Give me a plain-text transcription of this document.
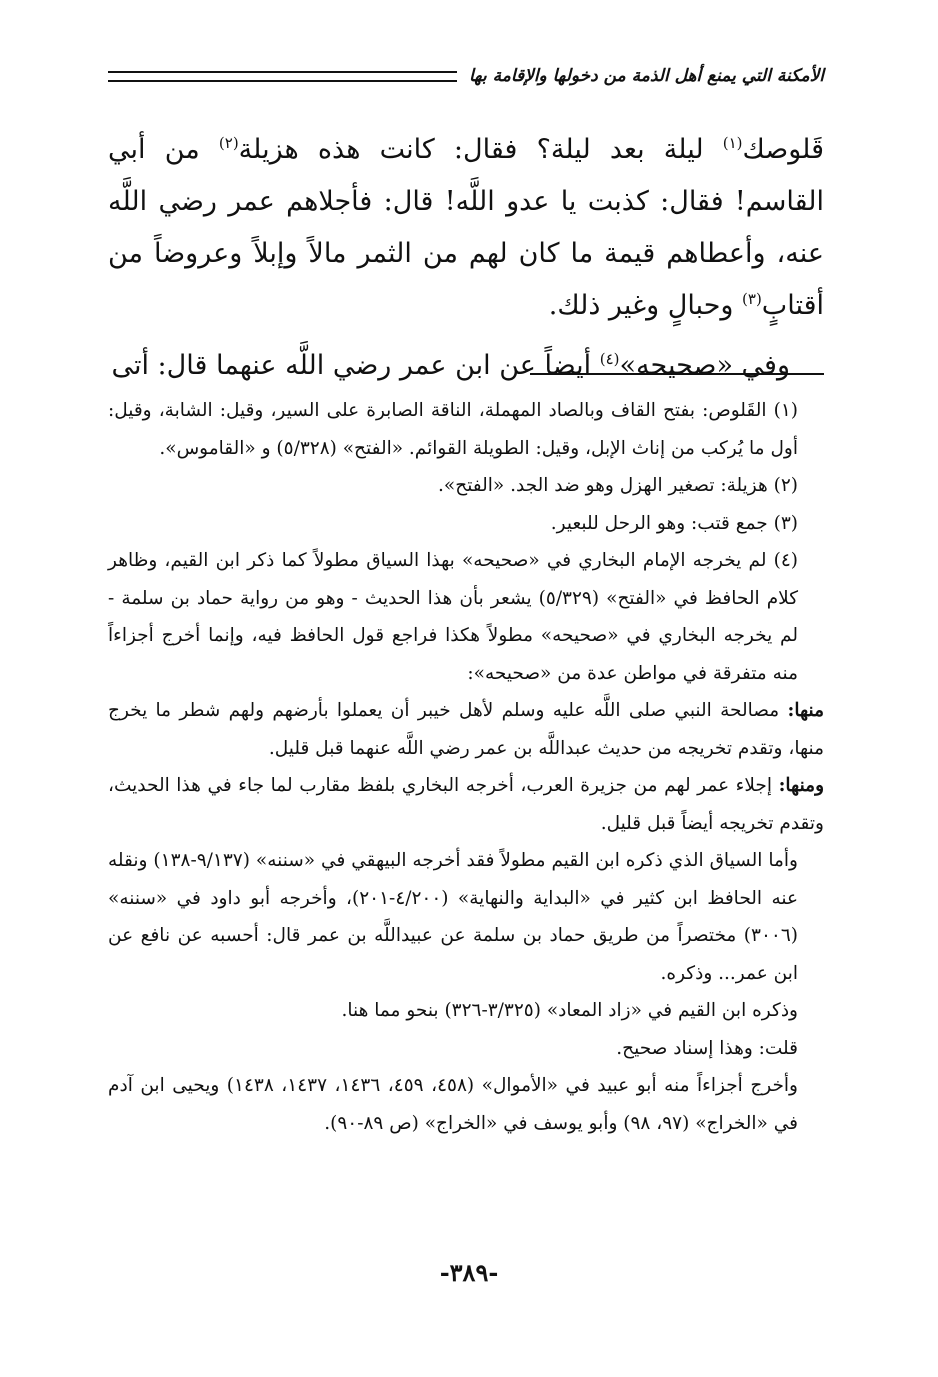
الأمكنة التي يمنع أهل الذمة من دخولها والإقامة بها

قَلوصك$^{(١)}$ ليلة بعد ليلة؟ فقال: كانت هذه هزيلة$^{(٢)}$ من أبي القاسم! فقال: كذبت يا عدو اللَّه! قال: فأجلاهم عمر رضي اللَّه عنه، وأعطاهم قيمة ما كان لهم من الثمر مالاً وإبلاً وعروضاً من أقتابٍ$^{(٣)}$ وحبالٍ وغير ذلك.

وفي «صحيحه»$^{(٤)}$ أيضاً عن ابن عمر رضي اللَّه عنهما قال: أتى

(١) القَلوص: بفتح القاف وبالصاد المهملة، الناقة الصابرة على السير، وقيل: الشابة، وقيل: أول ما يُركب من إناث الإبل، وقيل: الطويلة القوائم. «الفتح» (٥/٣٢٨) و «القاموس».

(٢) هزيلة: تصغير الهزل وهو ضد الجد. «الفتح».

(٣) جمع قتب: وهو الرحل للبعير.

(٤) لم يخرجه الإمام البخاري في «صحيحه» بهذا السياق مطولاً كما ذكر ابن القيم، وظاهر كلام الحافظ في «الفتح» (٥/٣٢٩) يشعر بأن هذا الحديث - وهو من رواية حماد بن سلمة - لم يخرجه البخاري في «صحيحه» مطولاً هكذا فراجع قول الحافظ فيه، وإنما أخرج أجزاءاً منه متفرقة في مواطن عدة من «صحيحه»:

منها: مصالحة النبي صلى اللَّه عليه وسلم لأهل خيبر أن يعملوا بأرضهم ولهم شطر ما يخرج منها، وتقدم تخريجه من حديث عبداللَّه بن عمر رضي اللَّه عنهما قبل قليل.

ومنها: إجلاء عمر لهم من جزيرة العرب، أخرجه البخاري بلفظ مقارب لما جاء في هذا الحديث، وتقدم تخريجه أيضاً قبل قليل.

وأما السياق الذي ذكره ابن القيم مطولاً فقد أخرجه البيهقي في «سننه» (٩/١٣٧-١٣٨) ونقله عنه الحافظ ابن كثير في «البداية والنهاية» (٤/٢٠٠-٢٠١)، وأخرجه أبو داود في «سننه» (٣٠٠٦) مختصراً من طريق حماد بن سلمة عن عبيداللَّه بن عمر قال: أحسبه عن نافع عن ابن عمر... وذكره.

وذكره ابن القيم في «زاد المعاد» (٣/٣٢٥-٣٢٦) بنحو مما هنا.

قلت: وهذا إسناد صحيح.

وأخرج أجزاءاً منه أبو عبيد في «الأموال» (٤٥٨، ٤٥٩، ١٤٣٦، ١٤٣٧، ١٤٣٨) ويحيى ابن آدم في «الخراج» (٩٧، ٩٨) وأبو يوسف في «الخراج» (ص ٨٩-٩٠).

-٣٨٩-
